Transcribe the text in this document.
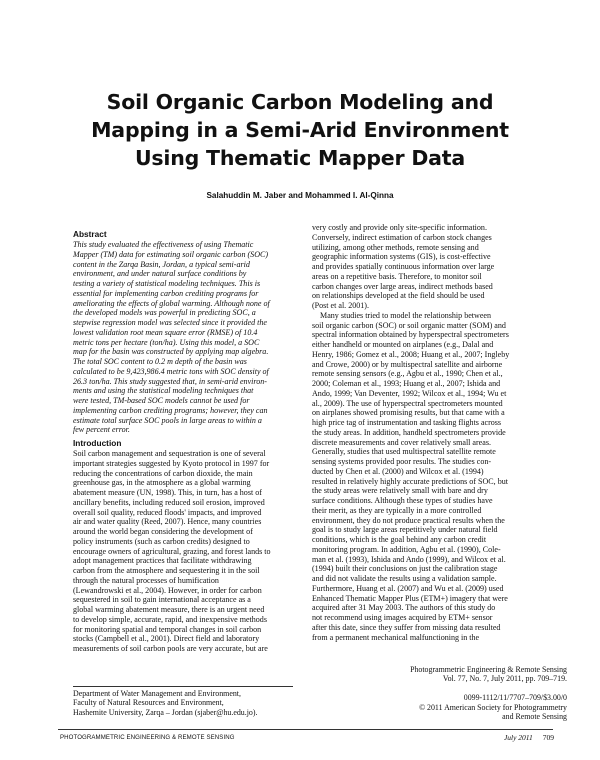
Soil Organic Carbon Modeling and
Mapping in a Semi-Arid Environment
Using Thematic Mapper Data
Salahuddin M. Jaber and Mohammed I. Al-Qinna
Abstract
This study evaluated the effectiveness of using Thematic
Mapper (TM) data for estimating soil organic carbon (SOC)
content in the Zarqa Basin, Jordan, a typical semi-arid
environment, and under natural surface conditions by
testing a variety of statistical modeling techniques. This is
essential for implementing carbon crediting programs for
ameliorating the effects of global warming. Although none of
the developed models was powerful in predicting SOC, a
stepwise regression model was selected since it provided the
lowest validation root mean square error (RMSE) of 10.4
metric tons per hectare (ton/ha). Using this model, a SOC
map for the basin was constructed by applying map algebra.
The total SOC content to 0.2 m depth of the basin was
calculated to be 9,423,986.4 metric tons with SOC density of
26.3 ton/ha. This study suggested that, in semi-arid environ-
ments and using the statistical modeling techniques that
were tested, TM-based SOC models cannot be used for
implementing carbon crediting programs; however, they can
estimate total surface SOC pools in large areas to within a
few percent error.
Introduction
Soil carbon management and sequestration is one of several
important strategies suggested by Kyoto protocol in 1997 for
reducing the concentrations of carbon dioxide, the main
greenhouse gas, in the atmosphere as a global warming
abatement measure (UN, 1998). This, in turn, has a host of
ancillary benefits, including reduced soil erosion, improved
overall soil quality, reduced floods' impacts, and improved
air and water quality (Reed, 2007). Hence, many countries
around the world began considering the development of
policy instruments (such as carbon credits) designed to
encourage owners of agricultural, grazing, and forest lands to
adopt management practices that facilitate withdrawing
carbon from the atmosphere and sequestering it in the soil
through the natural processes of humification
(Lewandrowski et al., 2004). However, in order for carbon
sequestered in soil to gain international acceptance as a
global warming abatement measure, there is an urgent need
to develop simple, accurate, rapid, and inexpensive methods
for monitoring spatial and temporal changes in soil carbon
stocks (Campbell et al., 2001). Direct field and laboratory
measurements of soil carbon pools are very accurate, but are
very costly and provide only site-specific information.
Conversely, indirect estimation of carbon stock changes
utilizing, among other methods, remote sensing and
geographic information systems (GIS), is cost-effective
and provides spatially continuous information over large
areas on a repetitive basis. Therefore, to monitor soil
carbon changes over large areas, indirect methods based
on relationships developed at the field should be used
(Post et al. 2001).
Many studies tried to model the relationship between
soil organic carbon (SOC) or soil organic matter (SOM) and
spectral information obtained by hyperspectral spectrometers
either handheld or mounted on airplanes (e.g., Dalal and
Henry, 1986; Gomez et al., 2008; Huang et al., 2007; Ingleby
and Crowe, 2000) or by multispectral satellite and airborne
remote sensing sensors (e.g., Agbu et al., 1990; Chen et al.,
2000; Coleman et al., 1993; Huang et al., 2007; Ishida and
Ando, 1999; Van Deventer, 1992; Wilcox et al., 1994; Wu et
al., 2009). The use of hyperspectral spectrometers mounted
on airplanes showed promising results, but that came with a
high price tag of instrumentation and tasking flights across
the study areas. In addition, handheld spectrometers provide
discrete measurements and cover relatively small areas.
Generally, studies that used multispectral satellite remote
sensing systems provided poor results. The studies con-
ducted by Chen et al. (2000) and Wilcox et al. (1994)
resulted in relatively highly accurate predictions of SOC, but
the study areas were relatively small with bare and dry
surface conditions. Although these types of studies have
their merit, as they are typically in a more controlled
environment, they do not produce practical results when the
goal is to study large areas repetitively under natural field
conditions, which is the goal behind any carbon credit
monitoring program. In addition, Agbu et al. (1990), Cole-
man et al. (1993), Ishida and Ando (1999), and Wilcox et al.
(1994) built their conclusions on just the calibration stage
and did not validate the results using a validation sample.
Furthermore, Huang et al. (2007) and Wu et al. (2009) used
Enhanced Thematic Mapper Plus (ETM+) imagery that were
acquired after 31 May 2003. The authors of this study do
not recommend using images acquired by ETM+ sensor
after this date, since they suffer from missing data resulted
from a permanent mechanical malfunctioning in the
Photogrammetric Engineering & Remote Sensing
Vol. 77, No. 7, July 2011, pp. 709–719.
0099-1112/11/7707–709/$3.00/0
© 2011 American Society for Photogrammetry
and Remote Sensing
Department of Water Management and Environment,
Faculty of Natural Resources and Environment,
Hashemite University, Zarqa – Jordan (sjaber@hu.edu.jo).
PHOTOGRAMMETRIC ENGINEERING & REMOTE SENSING	July 2011 709
